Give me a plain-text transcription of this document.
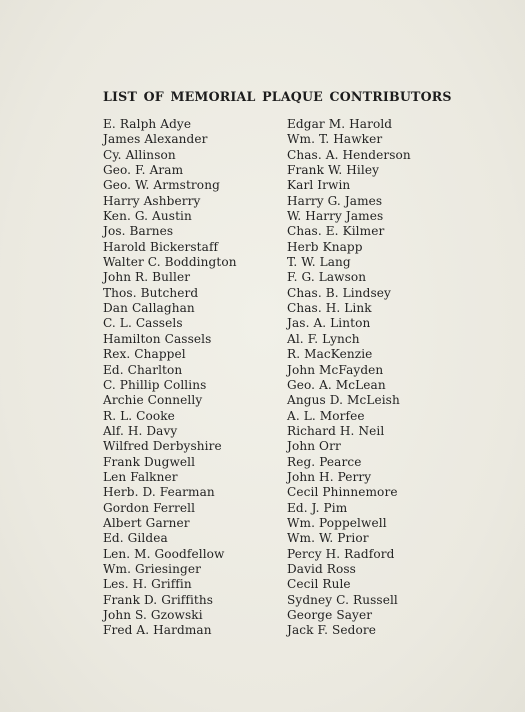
LIST OF MEMORIAL PLAQUE CONTRIBUTORS
E. Ralph Adye
James Alexander
Cy. Allinson
Geo. F. Aram
Geo. W. Armstrong
Harry Ashberry
Ken. G. Austin
Jos. Barnes
Harold Bickerstaff
Walter C. Boddington
John R. Buller
Thos. Butcherd
Dan Callaghan
C. L. Cassels
Hamilton Cassels
Rex. Chappel
Ed. Charlton
C. Phillip Collins
Archie Connelly
R. L. Cooke
Alf. H. Davy
Wilfred Derbyshire
Frank Dugwell
Len Falkner
Herb. D. Fearman
Gordon Ferrell
Albert Garner
Ed. Gildea
Len. M. Goodfellow
Wm. Griesinger
Les. H. Griffin
Frank D. Griffiths
John S. Gzowski
Fred A. Hardman
Edgar M. Harold
Wm. T. Hawker
Chas. A. Henderson
Frank W. Hiley
Karl Irwin
Harry G. James
W. Harry James
Chas. E. Kilmer
Herb Knapp
T. W. Lang
F. G. Lawson
Chas. B. Lindsey
Chas. H. Link
Jas. A. Linton
Al. F. Lynch
R. MacKenzie
John McFayden
Geo. A. McLean
Angus D. McLeish
A. L. Morfee
Richard H. Neil
John Orr
Reg. Pearce
John H. Perry
Cecil Phinnemore
Ed. J. Pim
Wm. Poppelwell
Wm. W. Prior
Percy H. Radford
David Ross
Cecil Rule
Sydney C. Russell
George Sayer
Jack F. Sedore
